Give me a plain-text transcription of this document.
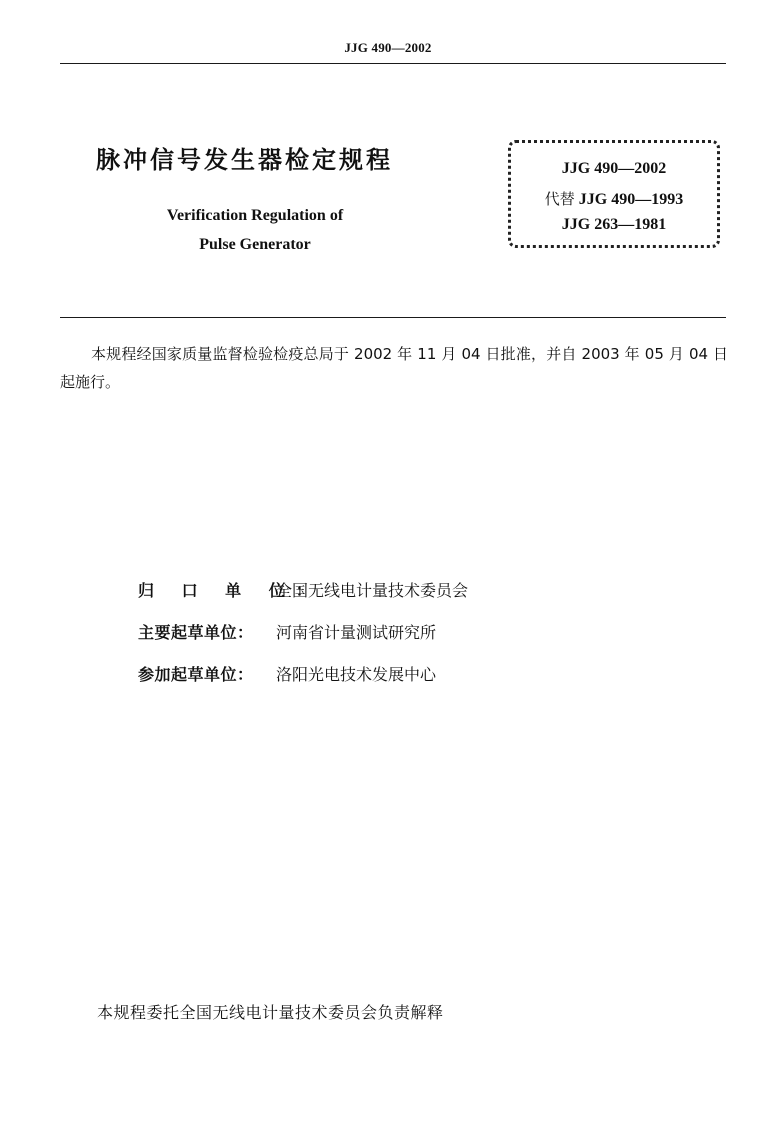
JJG 490—2002
脉冲信号发生器检定规程
Verification Regulation of
Pulse Generator
JJG 490—2002
代替 JJG 490—1993
JJG 263—1981

本规程经国家质量监督检验检疫总局于 2002 年 11 月 04 日批准，并自 2003 年 05 月 04 日起施行。

归 口 单 位：全国无线电计量技术委员会
主要起草单位： 河南省计量测试研究所
参加起草单位： 洛阳光电技术发展中心
本规程委托全国无线电计量技术委员会负责解释
